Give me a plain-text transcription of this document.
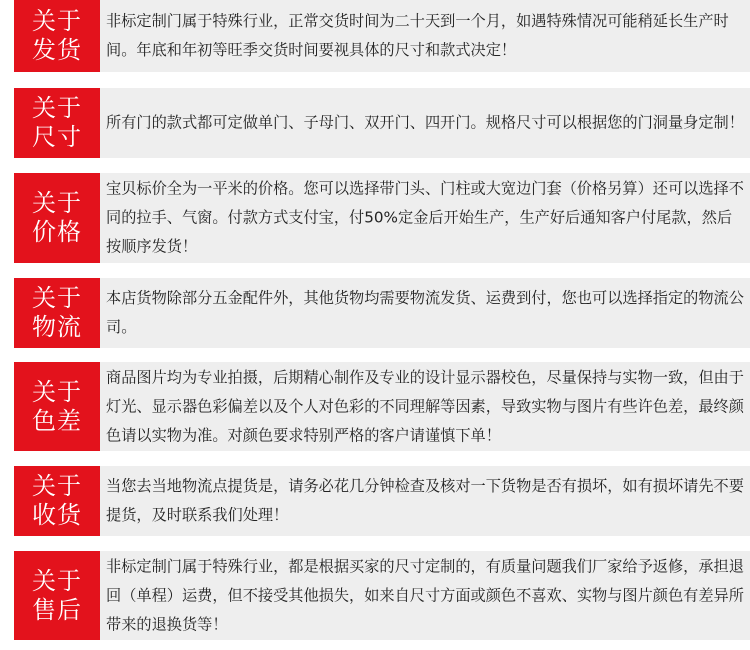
关于
发货

非标定制门属于特殊行业，正常交货时间为二十天到一个月，如遇特殊情况可能稍延长生产时间。年底和年初等旺季交货时间要视具体的尺寸和款式决定！

关于
尺寸

所有门的款式都可定做单门、子母门、双开门、四开门。规格尺寸可以根据您的门洞量身定制！

关于
价格

宝贝标价全为一平米的价格。您可以选择带门头、门柱或大宽边门套（价格另算）还可以选择不同的拉手、气窗。付款方式支付宝，付50%定金后开始生产，生产好后通知客户付尾款，然后按顺序发货！

关于
物流

本店货物除部分五金配件外，其他货物均需要物流发货、运费到付，您也可以选择指定的物流公司。

关于
色差

商品图片均为专业拍摄，后期精心制作及专业的设计显示器校色，尽量保持与实物一致，但由于灯光、显示器色彩偏差以及个人对色彩的不同理解等因素，导致实物与图片有些许色差，最终颜色请以实物为准。对颜色要求特别严格的客户请谨慎下单！

关于
收货

当您去当地物流点提货是，请务必花几分钟检查及核对一下货物是否有损坏，如有损坏请先不要提货，及时联系我们处理！

关于
售后

非标定制门属于特殊行业，都是根据买家的尺寸定制的，有质量问题我们厂家给予返修，承担退回（单程）运费，但不接受其他损失，如来自尺寸方面或颜色不喜欢、实物与图片颜色有差异所带来的退换货等！
